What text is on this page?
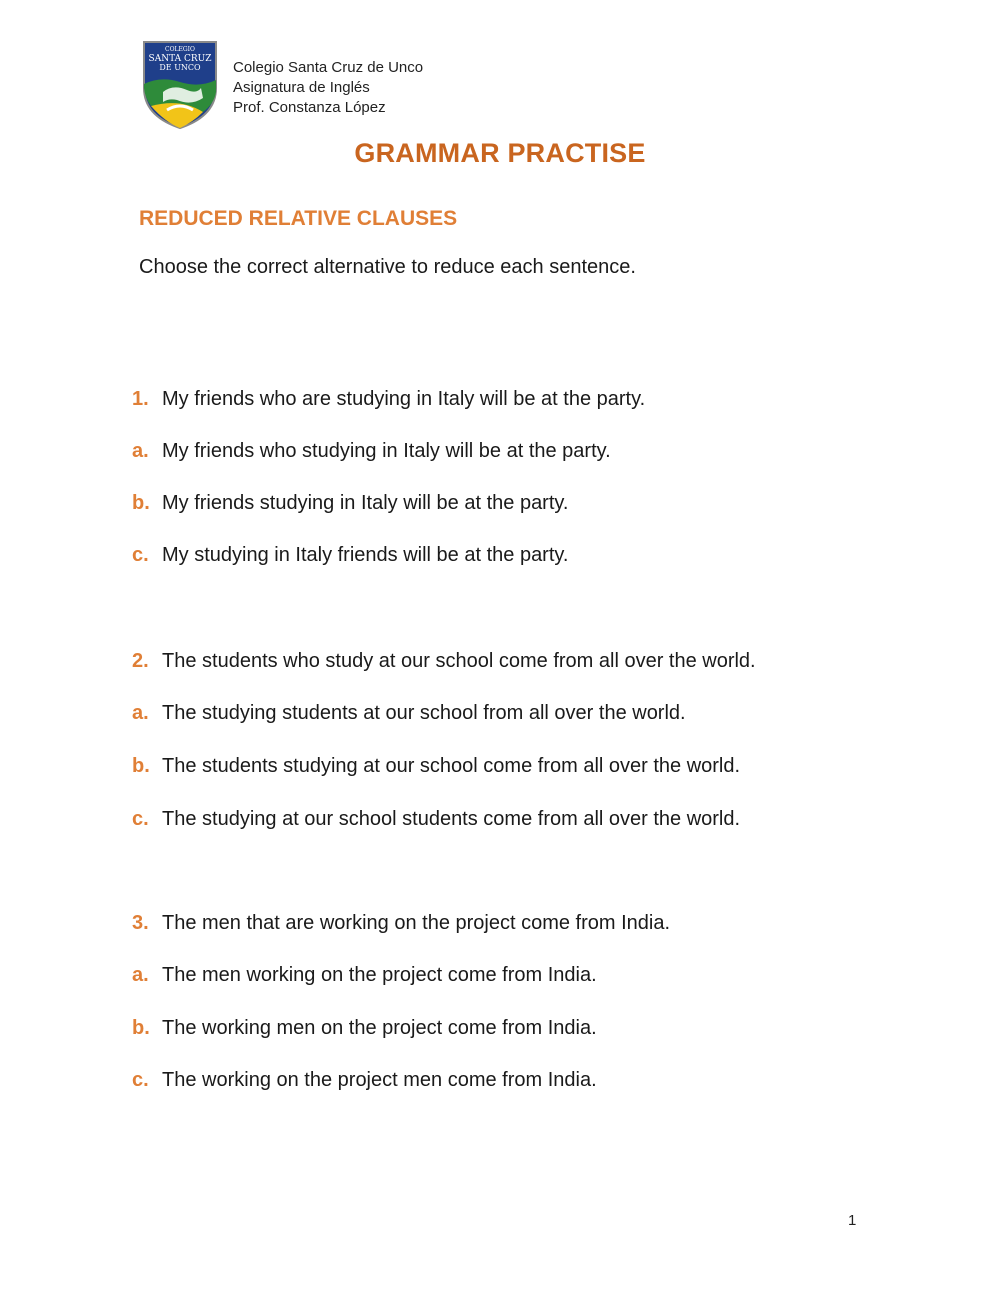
COLEGIO
SANTA CRUZ
DE UNCO Colegio Santa Cruz de Unco
Asignatura de Inglés
Prof. Constanza López
GRAMMAR PRACTISE
REDUCED RELATIVE CLAUSES
Choose the correct alternative to reduce each sentence.
1. My friends who are studying in Italy will be at the party.
a. My friends who studying in Italy will be at the party.
b. My friends studying in Italy will be at the party.
c. My studying in Italy friends will be at the party.
2. The students who study at our school come from all over the world.
a. The studying students at our school from all over the world.
b. The students studying at our school come from all over the world.
c. The studying at our school students come from all over the world.
3. The men that are working on the project come from India.
a. The men working on the project come from India.
b. The working men on the project come from India.
c. The working on the project men come from India.
1
